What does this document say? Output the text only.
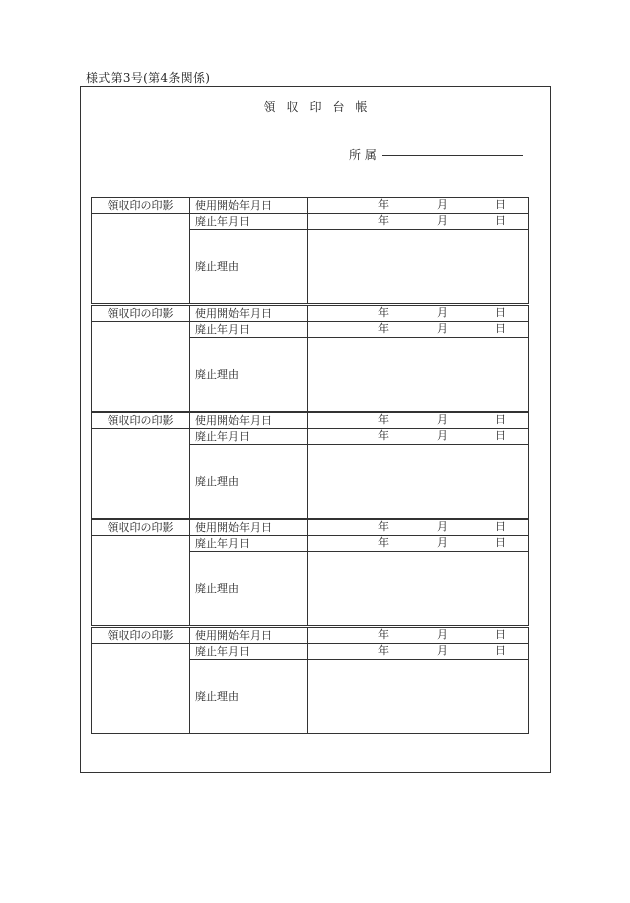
様式第3号(第4条関係)
領収印台帳
所 属
領収印の印影	使用開始年月日	年 月 日

	廃止年月日	年 月 日

	廃止理由	
領収印の印影	使用開始年月日	年 月 日

	廃止年月日	年 月 日

	廃止理由	
領収印の印影	使用開始年月日	年 月 日

	廃止年月日	年 月 日

	廃止理由	
領収印の印影	使用開始年月日	年 月 日

	廃止年月日	年 月 日

	廃止理由	
領収印の印影	使用開始年月日	年 月 日

	廃止年月日	年 月 日

	廃止理由	
